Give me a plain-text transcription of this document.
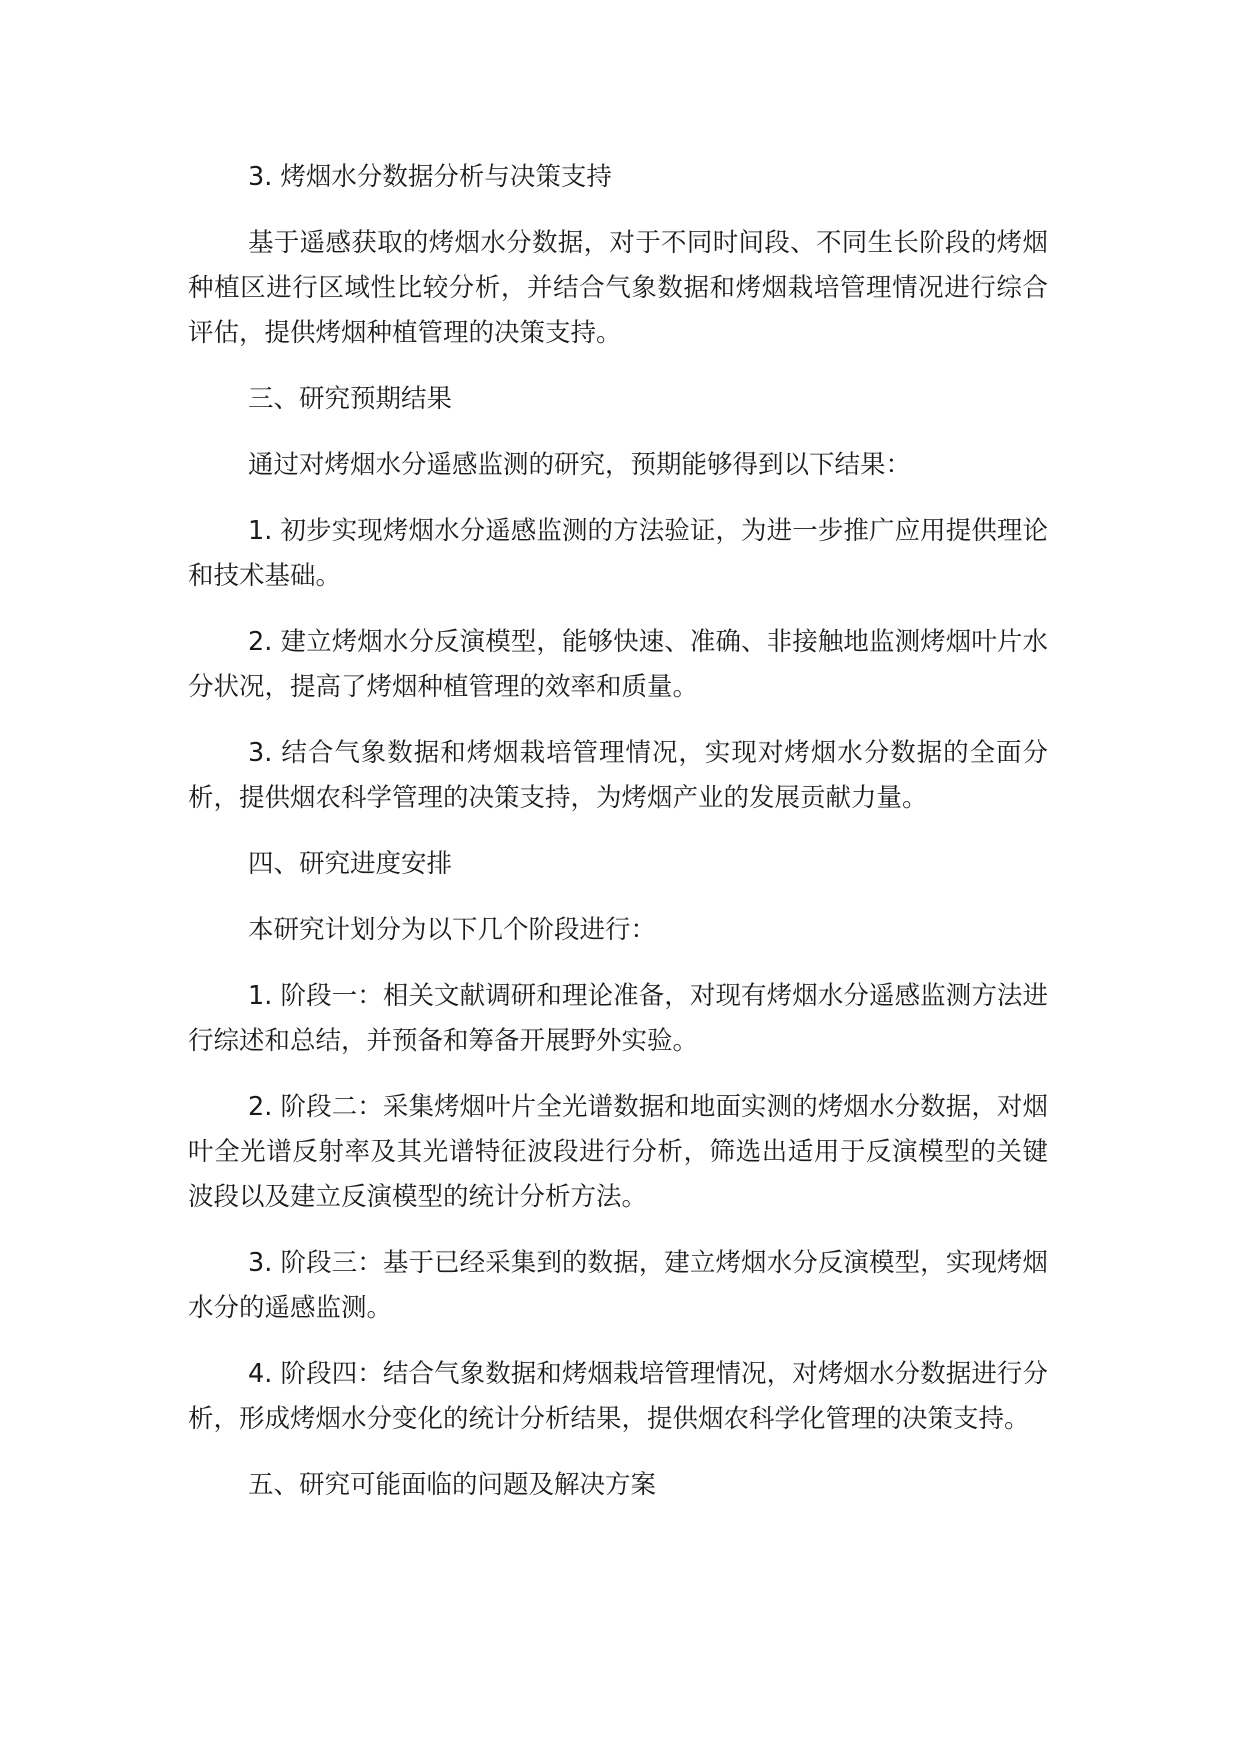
3. 烤烟水分数据分析与决策支持

基于遥感获取的烤烟水分数据，对于不同时间段、不同生长阶段的烤烟种植区进行区域性比较分析，并结合气象数据和烤烟栽培管理情况进行综合评估，提供烤烟种植管理的决策支持。

三、研究预期结果

通过对烤烟水分遥感监测的研究，预期能够得到以下结果：

1. 初步实现烤烟水分遥感监测的方法验证，为进一步推广应用提供理论和技术基础。

2. 建立烤烟水分反演模型，能够快速、准确、非接触地监测烤烟叶片水分状况，提高了烤烟种植管理的效率和质量。

3. 结合气象数据和烤烟栽培管理情况，实现对烤烟水分数据的全面分析，提供烟农科学管理的决策支持，为烤烟产业的发展贡献力量。

四、研究进度安排

本研究计划分为以下几个阶段进行：

1. 阶段一：相关文献调研和理论准备，对现有烤烟水分遥感监测方法进行综述和总结，并预备和筹备开展野外实验。

2. 阶段二：采集烤烟叶片全光谱数据和地面实测的烤烟水分数据，对烟叶全光谱反射率及其光谱特征波段进行分析，筛选出适用于反演模型的关键波段以及建立反演模型的统计分析方法。

3. 阶段三：基于已经采集到的数据，建立烤烟水分反演模型，实现烤烟水分的遥感监测。

4. 阶段四：结合气象数据和烤烟栽培管理情况，对烤烟水分数据进行分析，形成烤烟水分变化的统计分析结果，提供烟农科学化管理的决策支持。

五、研究可能面临的问题及解决方案
